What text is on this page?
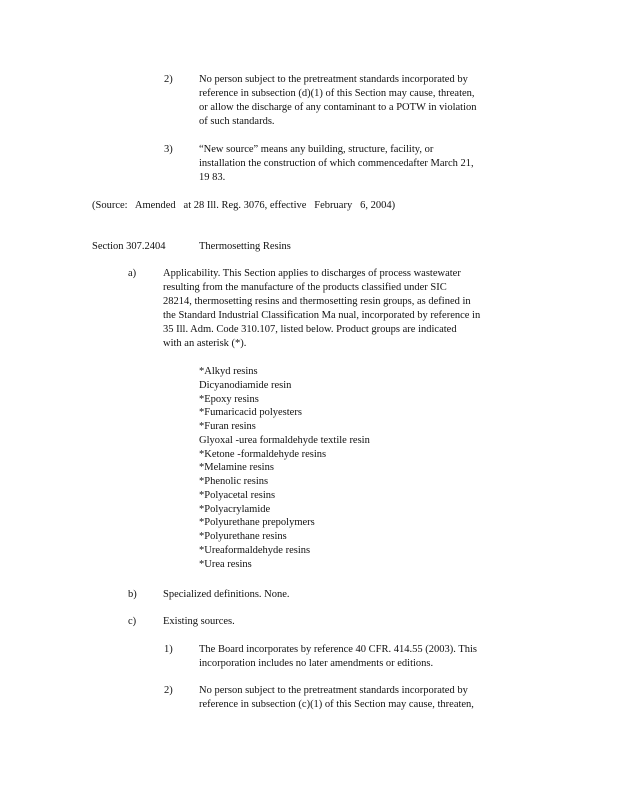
2)	No person subject to the pretreatment standards incorporated by
reference in subsection (d)(1) of this Section may cause, threaten,
or allow the discharge of any contaminant to a POTW in violation
of such standards.
3)	“New source” means any building, structure, facility, or
installation the construction of which commencedafter March 21,
19 83.
(Source:   Amended   at 28 Ill. Reg. 3076, effective   February   6, 2004)
Section 307.2404	Thermosetting Resins
a)	Applicability. This Section applies to discharges of process wastewater
resulting from the manufacture of the products classified under SIC
28214, thermosetting resins and thermosetting resin groups, as defined in
the Standard Industrial Classification Ma nual, incorporated by reference in
35 Ill. Adm. Code 310.107, listed below. Product groups are indicated
with an asterisk (*).
*Alkyd resins
Dicyanodiamide resin
*Epoxy resins
*Fumaricacid polyesters
*Furan resins
Glyoxal -urea formaldehyde textile resin
*Ketone -formaldehyde resins
*Melamine resins
*Phenolic resins
*Polyacetal resins
*Polyacrylamide
*Polyurethane prepolymers
*Polyurethane resins
*Ureaformaldehyde resins
*Urea resins
b)	Specialized definitions. None.
c)	Existing sources.
1)	The Board incorporates by reference 40 CFR. 414.55 (2003). This
incorporation includes no later amendments or editions.
2)	No person subject to the pretreatment standards incorporated by
reference in subsection (c)(1) of this Section may cause, threaten,
